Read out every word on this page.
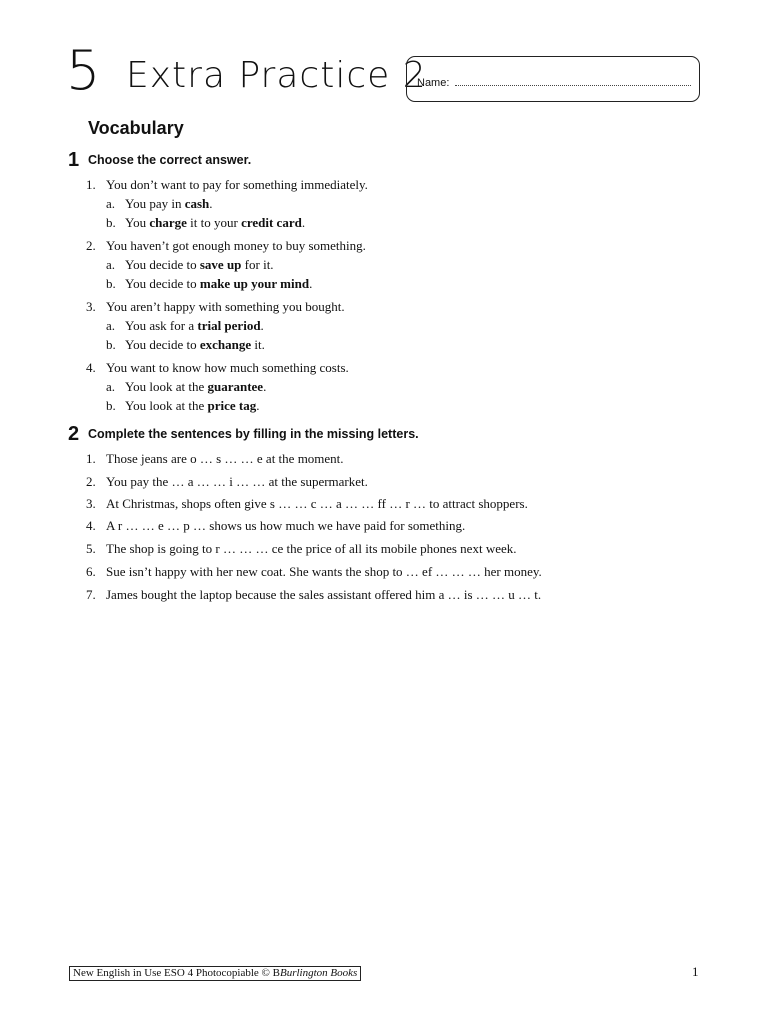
5 Extra Practice 2
Name:
Vocabulary
1 Choose the correct answer.
1. You don’t want to pay for something immediately.
a. You pay in cash.
b. You charge it to your credit card.
2. You haven’t got enough money to buy something.
a. You decide to save up for it.
b. You decide to make up your mind.
3. You aren’t happy with something you bought.
a. You ask for a trial period.
b. You decide to exchange it.
4. You want to know how much something costs.
a. You look at the guarantee.
b. You look at the price tag.
2 Complete the sentences by filling in the missing letters.
1. Those jeans are o … s … … e at the moment.
2. You pay the … a … … i … … at the supermarket.
3. At Christmas, shops often give s … … c … a … … ff … r … to attract shoppers.
4. A r … … e … p … shows us how much we have paid for something.
5. The shop is going to r … … … ce the price of all its mobile phones next week.
6. Sue isn’t happy with her new coat. She wants the shop to … ef … … … her money.
7. James bought the laptop because the sales assistant offered him a … is … … u … t.
New English in Use ESO 4 Photocopiable © BBurlington Books	1
